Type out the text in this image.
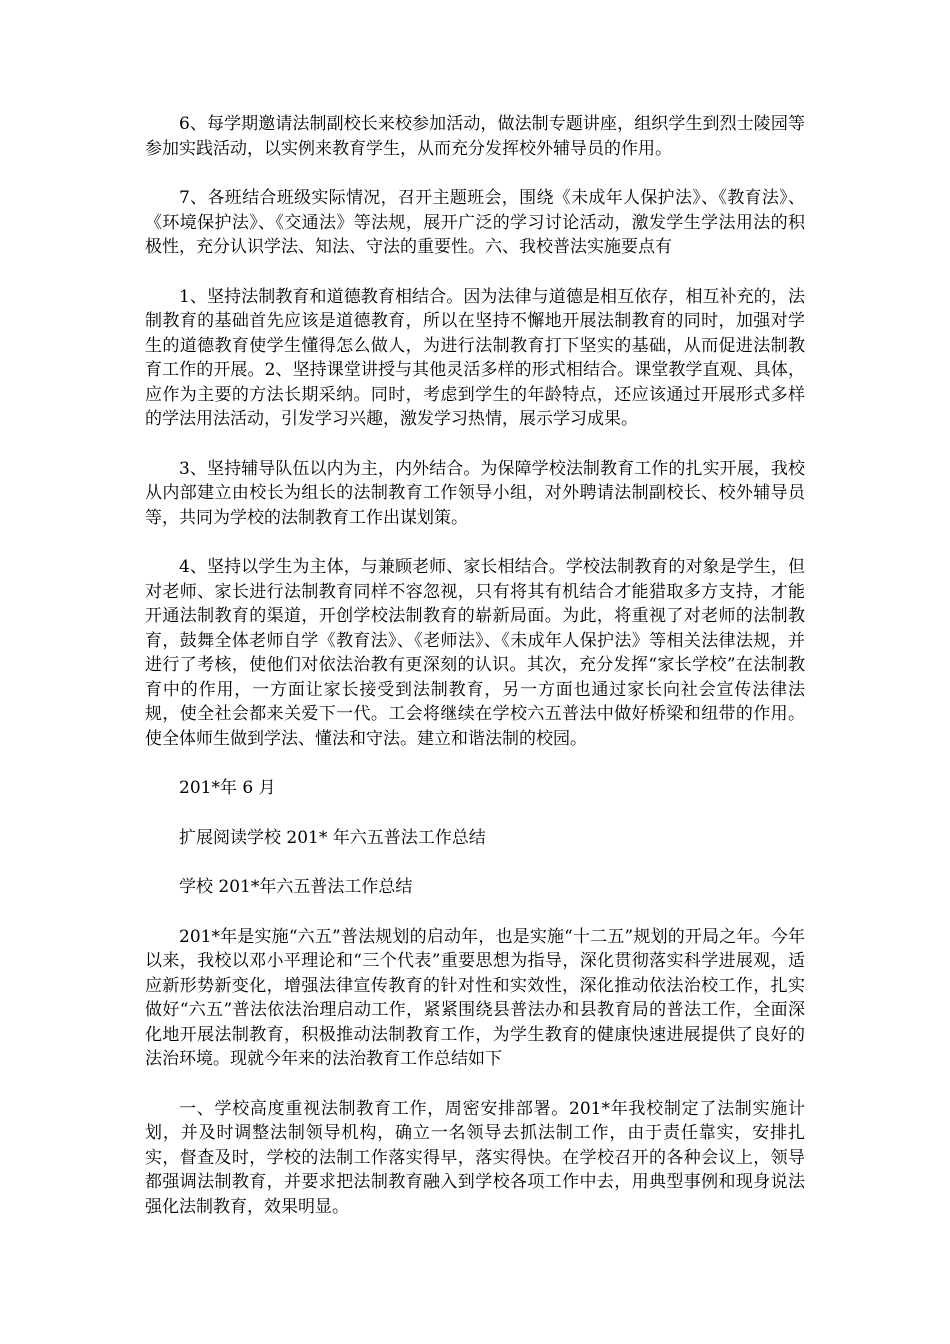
6、每学期邀请法制副校长来校参加活动，做法制专题讲座，组织学生到烈士陵园等参加实践活动，以实例来教育学生，从而充分发挥校外辅导员的作用。

7、各班结合班级实际情况，召开主题班会，围绕《未成年人保护法》、《教育法》、《环境保护法》、《交通法》等法规，展开广泛的学习讨论活动，激发学生学法用法的积极性，充分认识学法、知法、守法的重要性。六、我校普法实施要点有

1、坚持法制教育和道德教育相结合。因为法律与道德是相互依存，相互补充的，法制教育的基础首先应该是道德教育，所以在坚持不懈地开展法制教育的同时，加强对学生的道德教育使学生懂得怎么做人，为进行法制教育打下坚实的基础，从而促进法制教育工作的开展。2、坚持课堂讲授与其他灵活多样的形式相结合。课堂教学直观、具体，应作为主要的方法长期采纳。同时，考虑到学生的年龄特点，还应该通过开展形式多样的学法用法活动，引发学习兴趣，激发学习热情，展示学习成果。

3、坚持辅导队伍以内为主，内外结合。为保障学校法制教育工作的扎实开展，我校从内部建立由校长为组长的法制教育工作领导小组，对外聘请法制副校长、校外辅导员等，共同为学校的法制教育工作出谋划策。

4、坚持以学生为主体，与兼顾老师、家长相结合。学校法制教育的对象是学生，但对老师、家长进行法制教育同样不容忽视，只有将其有机结合才能猎取多方支持，才能开通法制教育的渠道，开创学校法制教育的崭新局面。为此，将重视了对老师的法制教育，鼓舞全体老师自学《教育法》、《老师法》、《未成年人保护法》等相关法律法规，并进行了考核，使他们对依法治教有更深刻的认识。其次，充分发挥“家长学校”在法制教育中的作用，一方面让家长接受到法制教育，另一方面也通过家长向社会宣传法律法规，使全社会都来关爱下一代。工会将继续在学校六五普法中做好桥梁和纽带的作用。使全体师生做到学法、懂法和守法。建立和谐法制的校园。

201*年 6 月

扩展阅读学校 201* 年六五普法工作总结

学校 201*年六五普法工作总结

201*年是实施“六五”普法规划的启动年，也是实施“十二五”规划的开局之年。今年以来，我校以邓小平理论和“三个代表”重要思想为指导，深化贯彻落实科学进展观，适应新形势新变化，增强法律宣传教育的针对性和实效性，深化推动依法治校工作，扎实做好“六五”普法依法治理启动工作，紧紧围绕县普法办和县教育局的普法工作，全面深化地开展法制教育，积极推动法制教育工作，为学生教育的健康快速进展提供了良好的法治环境。现就今年来的法治教育工作总结如下

一、学校高度重视法制教育工作，周密安排部署。201*年我校制定了法制实施计划，并及时调整法制领导机构，确立一名领导去抓法制工作，由于责任靠实，安排扎实，督查及时，学校的法制工作落实得早，落实得快。在学校召开的各种会议上，领导都强调法制教育，并要求把法制教育融入到学校各项工作中去，用典型事例和现身说法强化法制教育，效果明显。
